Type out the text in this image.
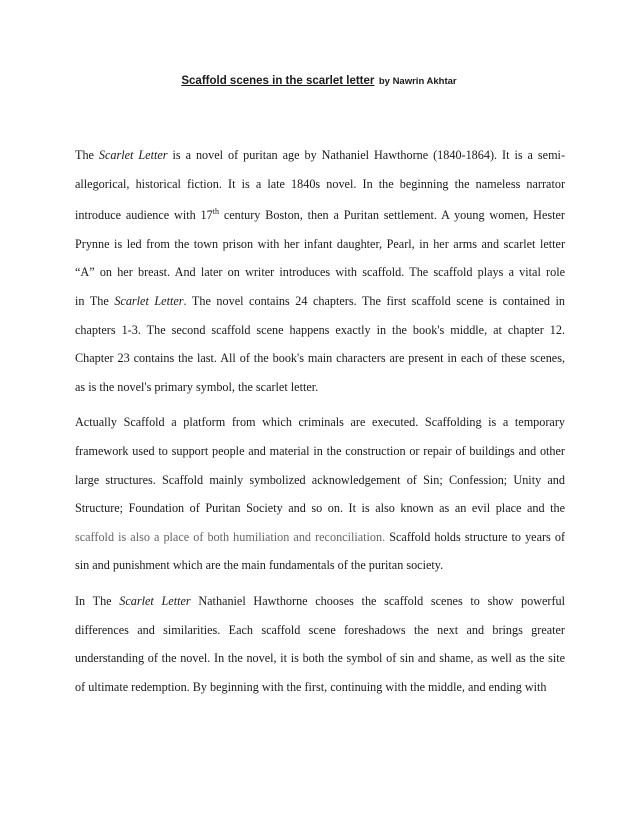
Scaffold scenes in the scarlet letter by Nawrin Akhtar
The Scarlet Letter is a novel of puritan age by Nathaniel Hawthorne (1840-1864). It is a semi-
allegorical, historical fiction. It is a late 1840s novel. In the beginning the nameless narrator
introduce audience with 17th century Boston, then a Puritan settlement. A young women, Hester
Prynne is led from the town prison with her infant daughter, Pearl, in her arms and scarlet letter
“A” on her breast. And later on writer introduces with scaffold. The scaffold plays a vital role
in The Scarlet Letter. The novel contains 24 chapters. The first scaffold scene is contained in
chapters 1-3. The second scaffold scene happens exactly in the book's middle, at chapter 12.
Chapter 23 contains the last. All of the book's main characters are present in each of these scenes,
as is the novel's primary symbol, the scarlet letter.
Actually Scaffold a platform from which criminals are executed. Scaffolding is a temporary
framework used to support people and material in the construction or repair of buildings and other
large structures. Scaffold mainly symbolized acknowledgement of Sin; Confession; Unity and
Structure; Foundation of Puritan Society and so on. It is also known as an evil place and the
scaffold is also a place of both humiliation and reconciliation. Scaffold holds structure to years of
sin and punishment which are the main fundamentals of the puritan society.
In The Scarlet Letter Nathaniel Hawthorne chooses the scaffold scenes to show powerful
differences and similarities. Each scaffold scene foreshadows the next and brings greater
understanding of the novel. In the novel, it is both the symbol of sin and shame, as well as the site
of ultimate redemption. By beginning with the first, continuing with the middle, and ending with
